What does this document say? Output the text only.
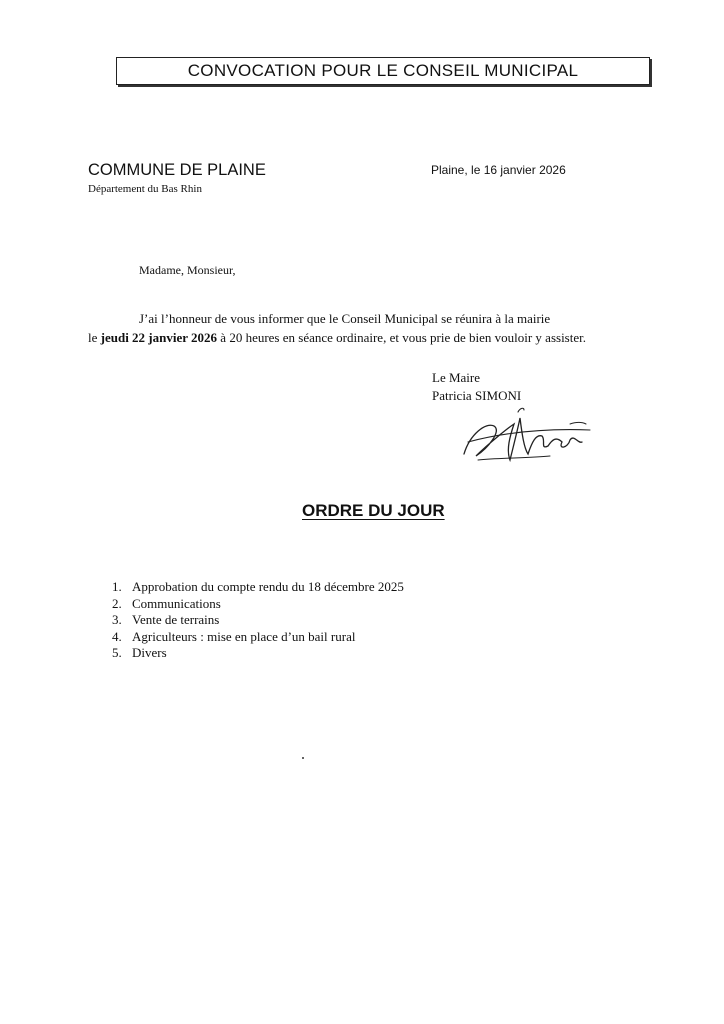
CONVOCATION POUR LE CONSEIL MUNICIPAL
COMMUNE DE PLAINE
Département du Bas Rhin
Plaine, le 16 janvier 2026
Madame, Monsieur,
J’ai l’honneur de vous informer que le Conseil Municipal se réunira à la mairie
le jeudi 22 janvier 2026 à 20 heures en séance ordinaire, et vous prie de bien vouloir y assister.
Le Maire
Patricia SIMONI
ORDRE DU JOUR
1. Approbation du compte rendu du 18 décembre 2025
2. Communications
3. Vente de terrains
4. Agriculteurs : mise en place d’un bail rural
5. Divers
